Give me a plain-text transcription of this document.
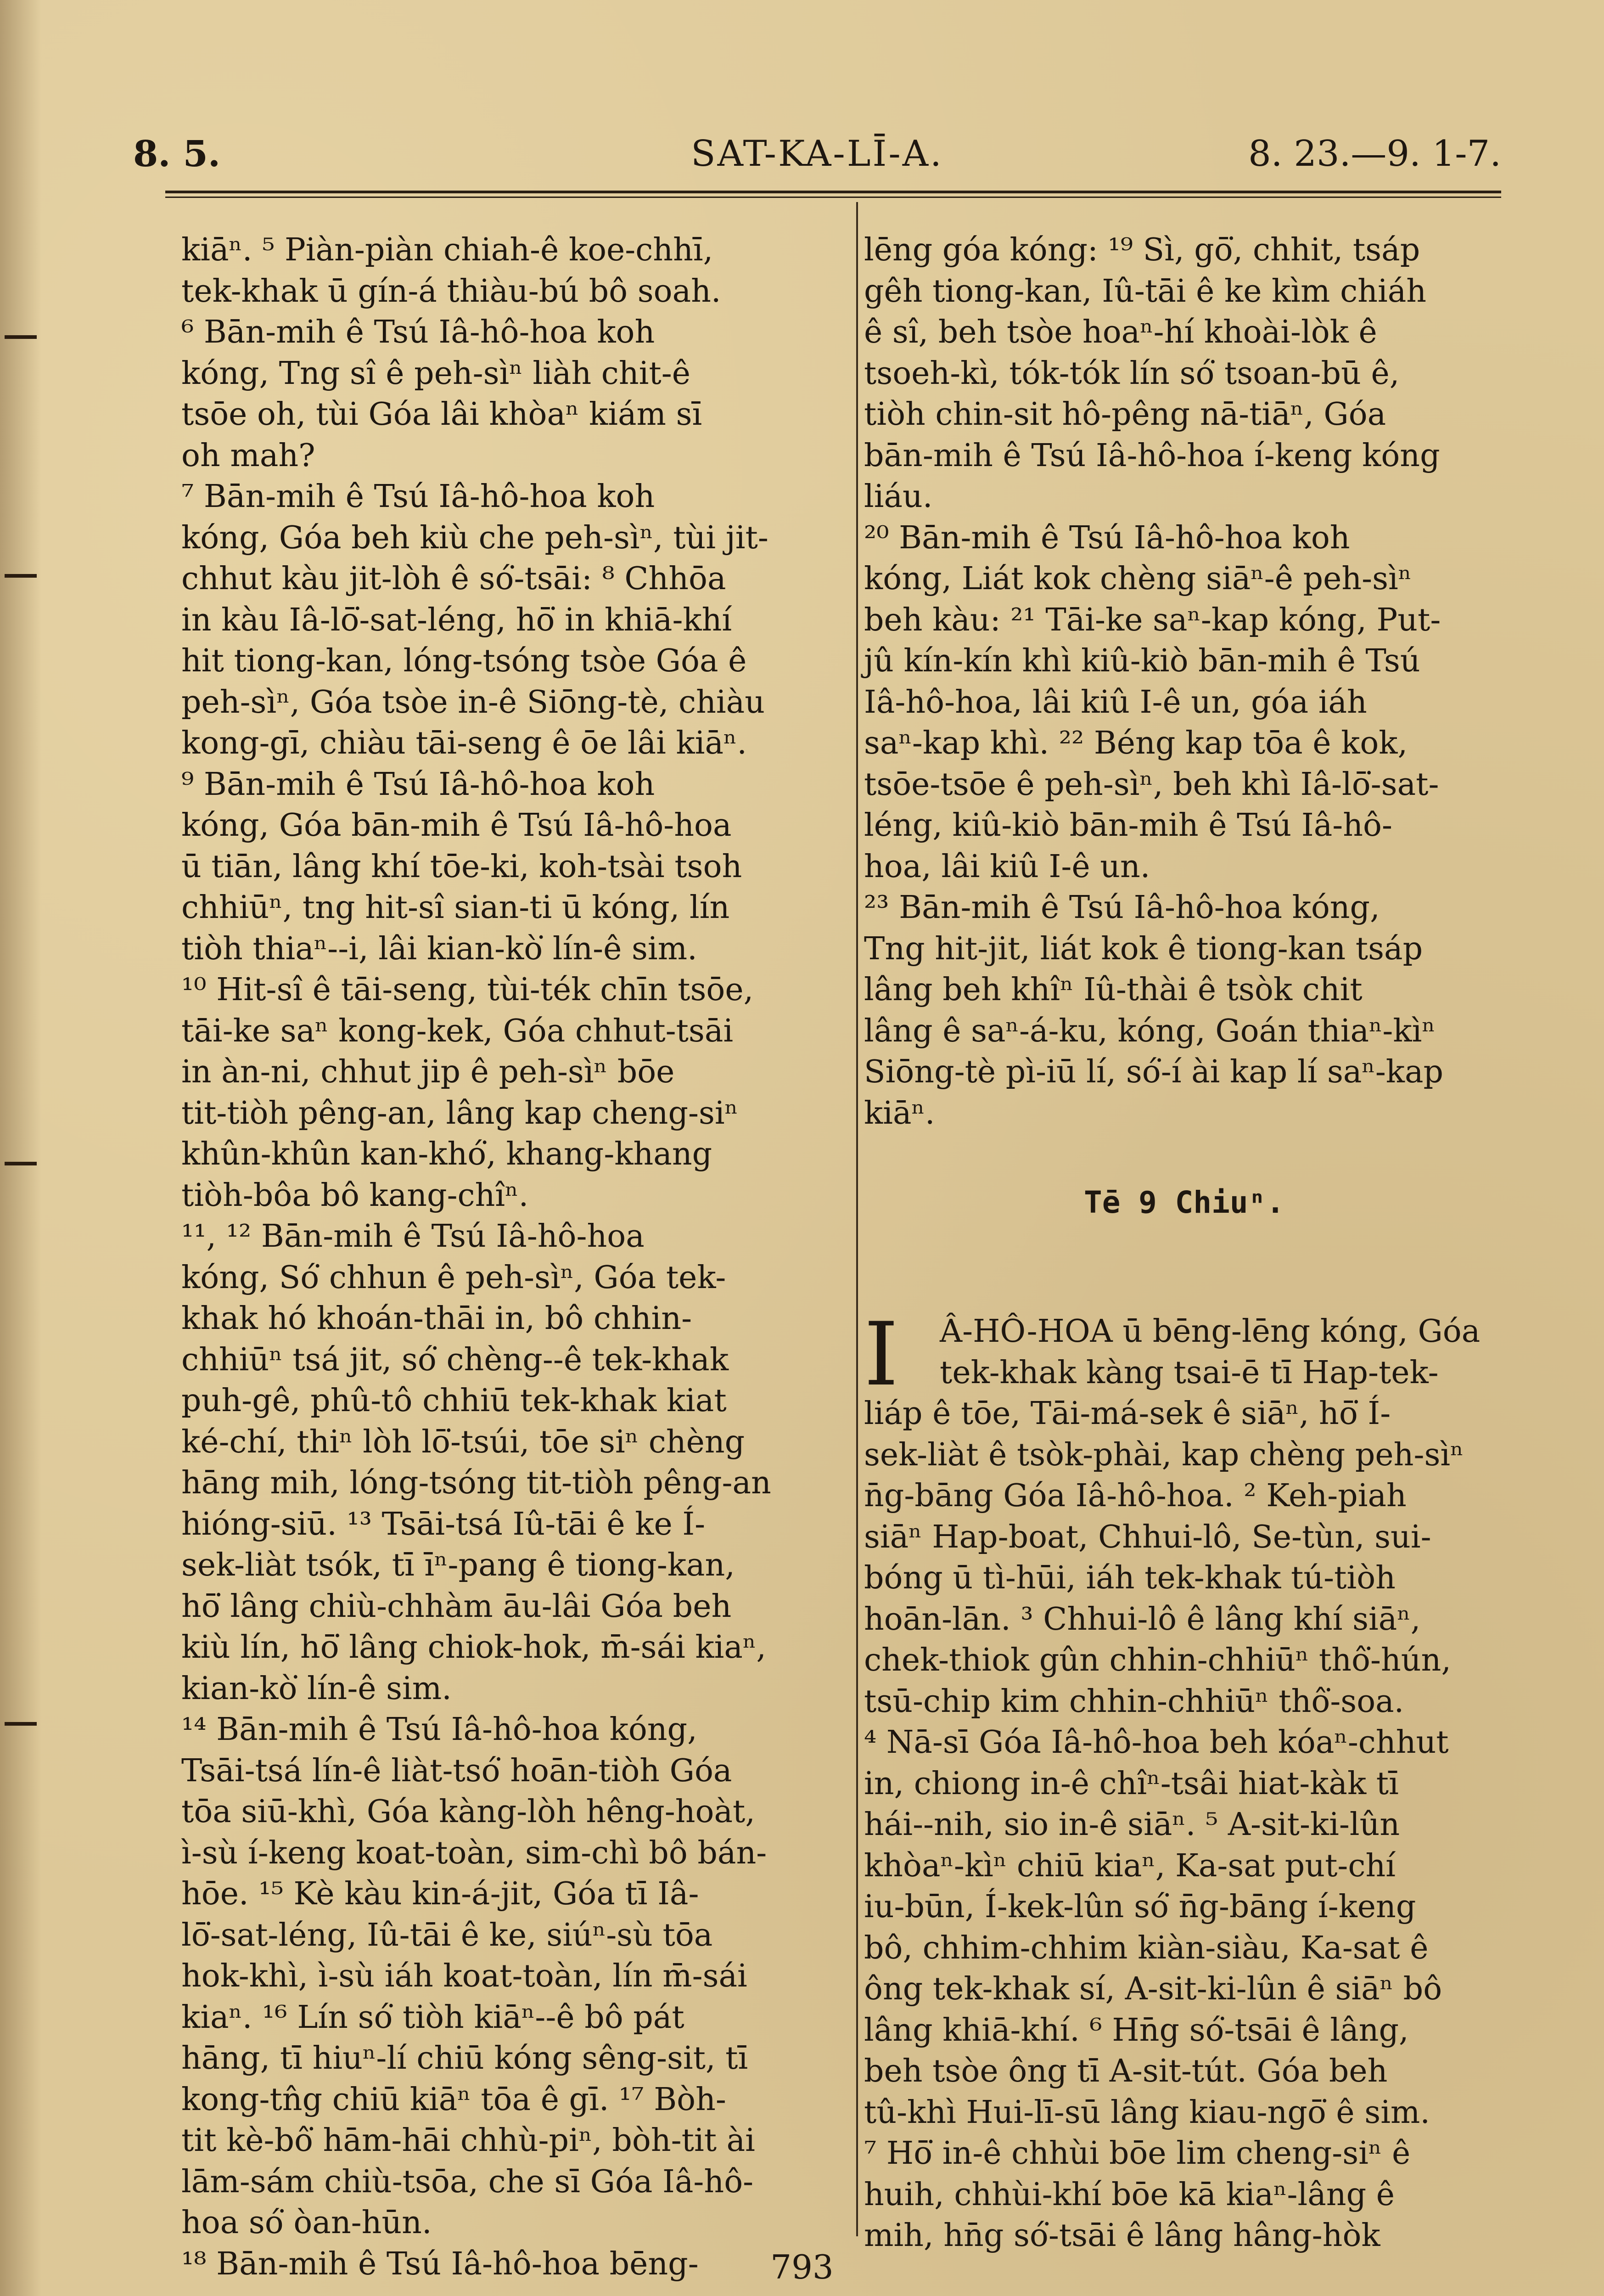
8. 5.	SAT-KA-LĪ-A.	8. 23.—9. 1-7.
kiāⁿ. ⁵ Piàn-piàn chiah-ê koe-chhī,
tek-khak ū gín-á thiàu-bú bô soah.
⁶ Bān-mih ê Tsú Iâ-hô-hoa koh
kóng, Tng sî ê peh-sìⁿ liàh chit-ê
tsōe oh, tùi Góa lâi khòaⁿ kiám sī
oh mah?
⁷ Bān-mih ê Tsú Iâ-hô-hoa koh
kóng, Góa beh kiù che peh-sìⁿ, tùi jit-
chhut kàu jit-lòh ê só͘-tsāi: ⁸ Chhōa
in kàu Iâ-lō͘-sat-léng, hō͘ in khiā-khí
hit tiong-kan, lóng-tsóng tsòe Góa ê
peh-sìⁿ, Góa tsòe in-ê Siōng-tè, chiàu
kong-gī, chiàu tāi-seng ê ōe lâi kiāⁿ.
⁹ Bān-mih ê Tsú Iâ-hô-hoa koh
kóng, Góa bān-mih ê Tsú Iâ-hô-hoa
ū tiān, lâng khí tōe-ki, koh-tsài tsoh
chhiūⁿ, tng hit-sî sian-ti ū kóng, lín
tiòh thiaⁿ--i, lâi kian-kò͘ lín-ê sim.
¹⁰ Hit-sî ê tāi-seng, tùi-ték chīn tsōe,
tāi-ke saⁿ kong-kek, Góa chhut-tsāi
in àn-ni, chhut jip ê peh-sìⁿ bōe
tit-tiòh pêng-an, lâng kap cheng-siⁿ
khûn-khûn kan-khó͘, khang-khang
tiòh-bôa bô kang-chîⁿ.
¹¹, ¹² Bān-mih ê Tsú Iâ-hô-hoa
kóng, Só͘ chhun ê peh-sìⁿ, Góa tek-
khak hó khoán-thāi in, bô chhin-
chhiūⁿ tsá jit, só͘ chèng--ê tek-khak
puh-gê, phû-tô chhiū tek-khak kiat
ké-chí, thiⁿ lòh lō͘-tsúi, tōe siⁿ chèng
hāng mih, lóng-tsóng tit-tiòh pêng-an
hióng-siū. ¹³ Tsāi-tsá Iû-tāi ê ke Í-
sek-liàt tsók, tī īⁿ-pang ê tiong-kan,
hō͘ lâng chiù-chhàm āu-lâi Góa beh
kiù lín, hō͘ lâng chiok-hok, m̄-sái kiaⁿ,
kian-kò͘ lín-ê sim.
¹⁴ Bān-mih ê Tsú Iâ-hô-hoa kóng,
Tsāi-tsá lín-ê liàt-tsó͘ hoān-tiòh Góa
tōa siū-khì, Góa kàng-lòh hêng-hoàt,
ì-sù í-keng koat-toàn, sim-chì bô bán-
hōe. ¹⁵ Kè kàu kin-á-jit, Góa tī Iâ-
lō͘-sat-léng, Iû-tāi ê ke, siúⁿ-sù tōa
hok-khì, ì-sù iáh koat-toàn, lín m̄-sái
kiaⁿ. ¹⁶ Lín só͘ tiòh kiāⁿ--ê bô pát
hāng, tī hiuⁿ-lí chiū kóng sêng-sit, tī
kong-tn̂g chiū kiāⁿ tōa ê gī. ¹⁷ Bòh-
tit kè-bô͘ hām-hāi chhù-piⁿ, bòh-tit ài
lām-sám chiù-tsōa, che sī Góa Iâ-hô-
hoa só͘ òan-hūn.
¹⁸ Bān-mih ê Tsú Iâ-hô-hoa bēng-
lēng góa kóng: ¹⁹ Sì, gō͘, chhit, tsáp
gêh tiong-kan, Iû-tāi ê ke kìm chiáh
ê sî, beh tsòe hoaⁿ-hí khoài-lòk ê
tsoeh-kì, tók-tók lín só͘ tsoan-bū ê,
tiòh chin-sit hô-pêng nā-tiāⁿ, Góa
bān-mih ê Tsú Iâ-hô-hoa í-keng kóng
liáu.
²⁰ Bān-mih ê Tsú Iâ-hô-hoa koh
kóng, Liát kok chèng siāⁿ-ê peh-sìⁿ
beh kàu: ²¹ Tāi-ke saⁿ-kap kóng, Put-
jû kín-kín khì kiû-kiò bān-mih ê Tsú
Iâ-hô-hoa, lâi kiû I-ê un, góa iáh
saⁿ-kap khì. ²² Béng kap tōa ê kok,
tsōe-tsōe ê peh-sìⁿ, beh khì Iâ-lō͘-sat-
léng, kiû-kiò bān-mih ê Tsú Iâ-hô-
hoa, lâi kiû I-ê un.
²³ Bān-mih ê Tsú Iâ-hô-hoa kóng,
Tng hit-jit, liát kok ê tiong-kan tsáp
lâng beh khîⁿ Iû-thài ê tsòk chit
lâng ê saⁿ-á-ku, kóng, Goán thiaⁿ-kìⁿ
Siōng-tè pì-iū lí, só͘-í ài kap lí saⁿ-kap
kiāⁿ.
Tē 9 Chiuⁿ.
I	Â-HÔ-HOA ū bēng-lēng kóng, Góa
tek-khak kàng tsai-ē tī Hap-tek-
liáp ê tōe, Tāi-má-sek ê siāⁿ, hō͘ Í-
sek-liàt ê tsòk-phài, kap chèng peh-sìⁿ
n̄g-bāng Góa Iâ-hô-hoa. ² Keh-piah
siāⁿ Hap-boat, Chhui-lô, Se-tùn, sui-
bóng ū tì-hūi, iáh tek-khak tú-tiòh
hoān-lān. ³ Chhui-lô ê lâng khí siāⁿ,
chek-thiok gûn chhin-chhiūⁿ thô͘-hún,
tsū-chip kim chhin-chhiūⁿ thô͘-soa.
⁴ Nā-sī Góa Iâ-hô-hoa beh kóaⁿ-chhut
in, chiong in-ê chîⁿ-tsâi hiat-kàk tī
hái--nih, sio in-ê siāⁿ. ⁵ A-sit-ki-lûn
khòaⁿ-kìⁿ chiū kiaⁿ, Ka-sat put-chí
iu-būn, Í-kek-lûn só͘ n̄g-bāng í-keng
bô, chhim-chhim kiàn-siàu, Ka-sat ê
ông tek-khak sí, A-sit-ki-lûn ê siāⁿ bô
lâng khiā-khí. ⁶ Hn̄g só͘-tsāi ê lâng,
beh tsòe ông tī A-sit-tút. Góa beh
tû-khì Hui-lī-sū lâng kiau-ngō͘ ê sim.
⁷ Hō͘ in-ê chhùi bōe lim cheng-siⁿ ê
huih, chhùi-khí bōe kā kiaⁿ-lâng ê
mih, hn̄g só͘-tsāi ê lâng hâng-hòk
793
